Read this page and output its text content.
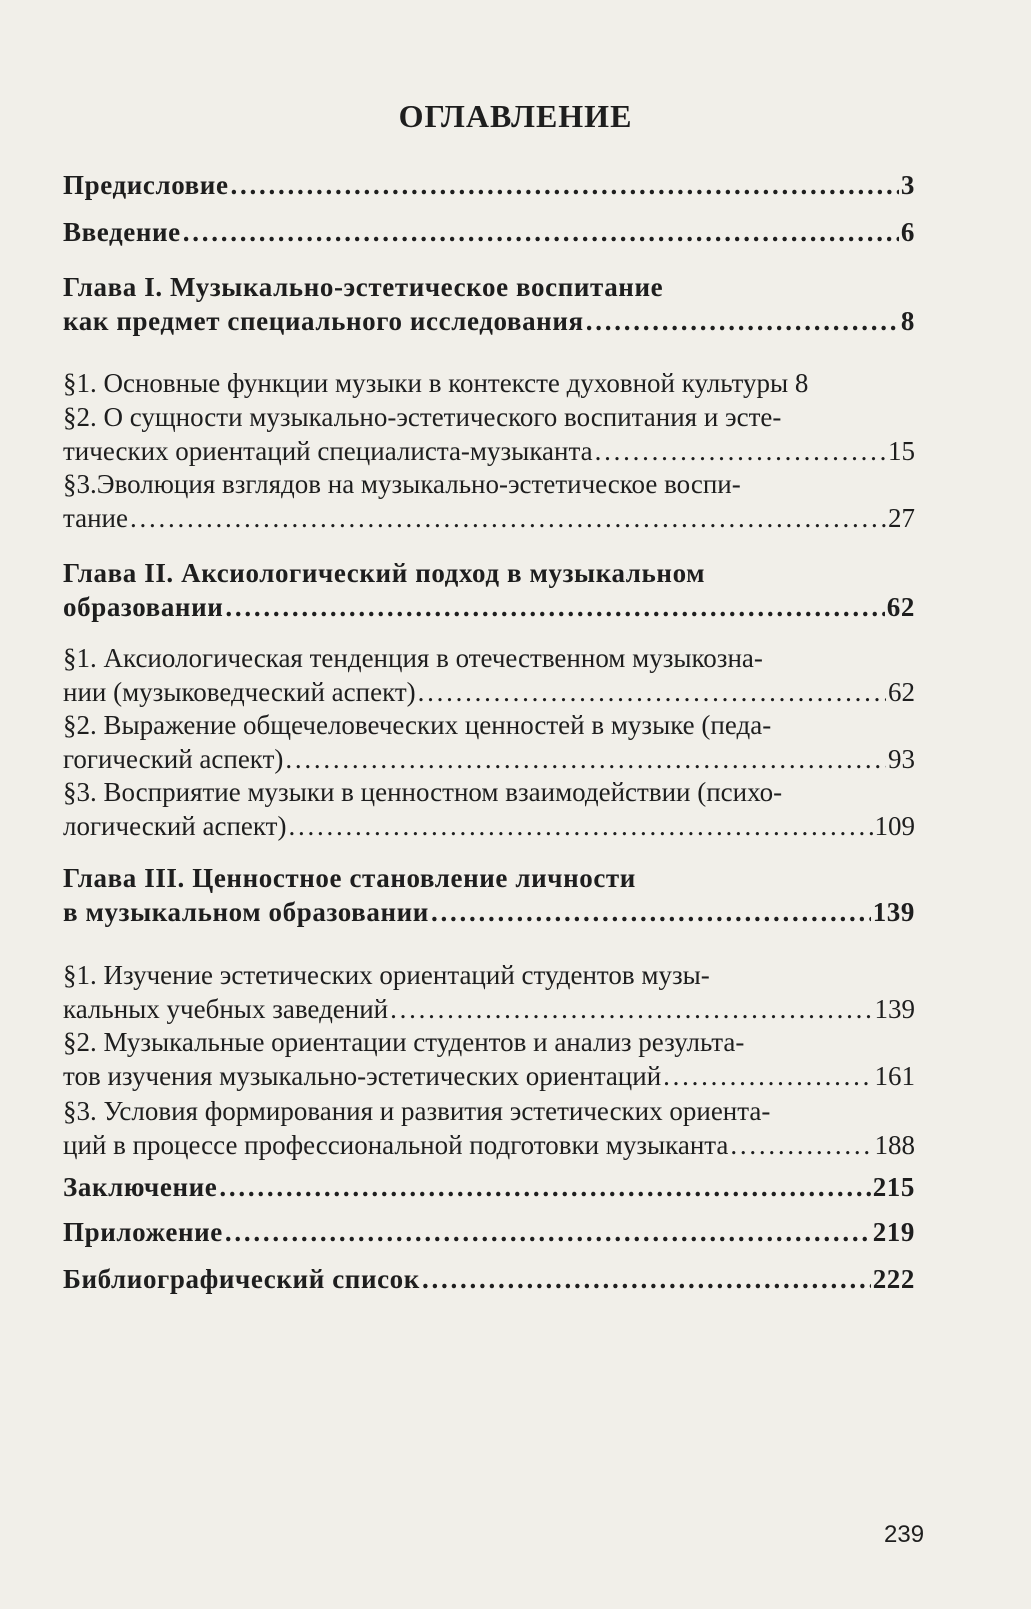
ОГЛАВЛЕНИЕ
Предисловие . . .	3
Введение . . .	6
Глава I. Музыкально-эстетическое воспитание
как предмет специального исследования . . .	8
§1. Основные функции музыки в контексте духовной культуры 8
§2. О сущности музыкально-эстетического воспитания и эсте-
тических ориентаций специалиста-музыканта . . .	15
§3.Эволюция взглядов на музыкально-эстетическое воспи-
тание . . .	27
Глава II. Аксиологический подход в музыкальном
образовании . . .	62
§1. Аксиологическая тенденция в отечественном музыкозна-
нии (музыковедческий аспект) . . .	62
§2. Выражение общечеловеческих ценностей в музыке (педа-
гогический аспект) . . .	93
§3. Восприятие музыки в ценностном взаимодействии (психо-
логический аспект) . . .	109
Глава III. Ценностное становление личности
в музыкальном образовании . . .	139
§1. Изучение эстетических ориентаций студентов музы-
кальных учебных заведений . . .	139
§2. Музыкальные ориентации студентов и анализ результа-
тов изучения музыкально-эстетических ориентаций . . .	161
§3. Условия формирования и развития эстетических ориента-
ций в процессе профессиональной подготовки музыканта . . .	188
Заключение . . .	215
Приложение . . .	219
Библиографический список . . .	222
239
